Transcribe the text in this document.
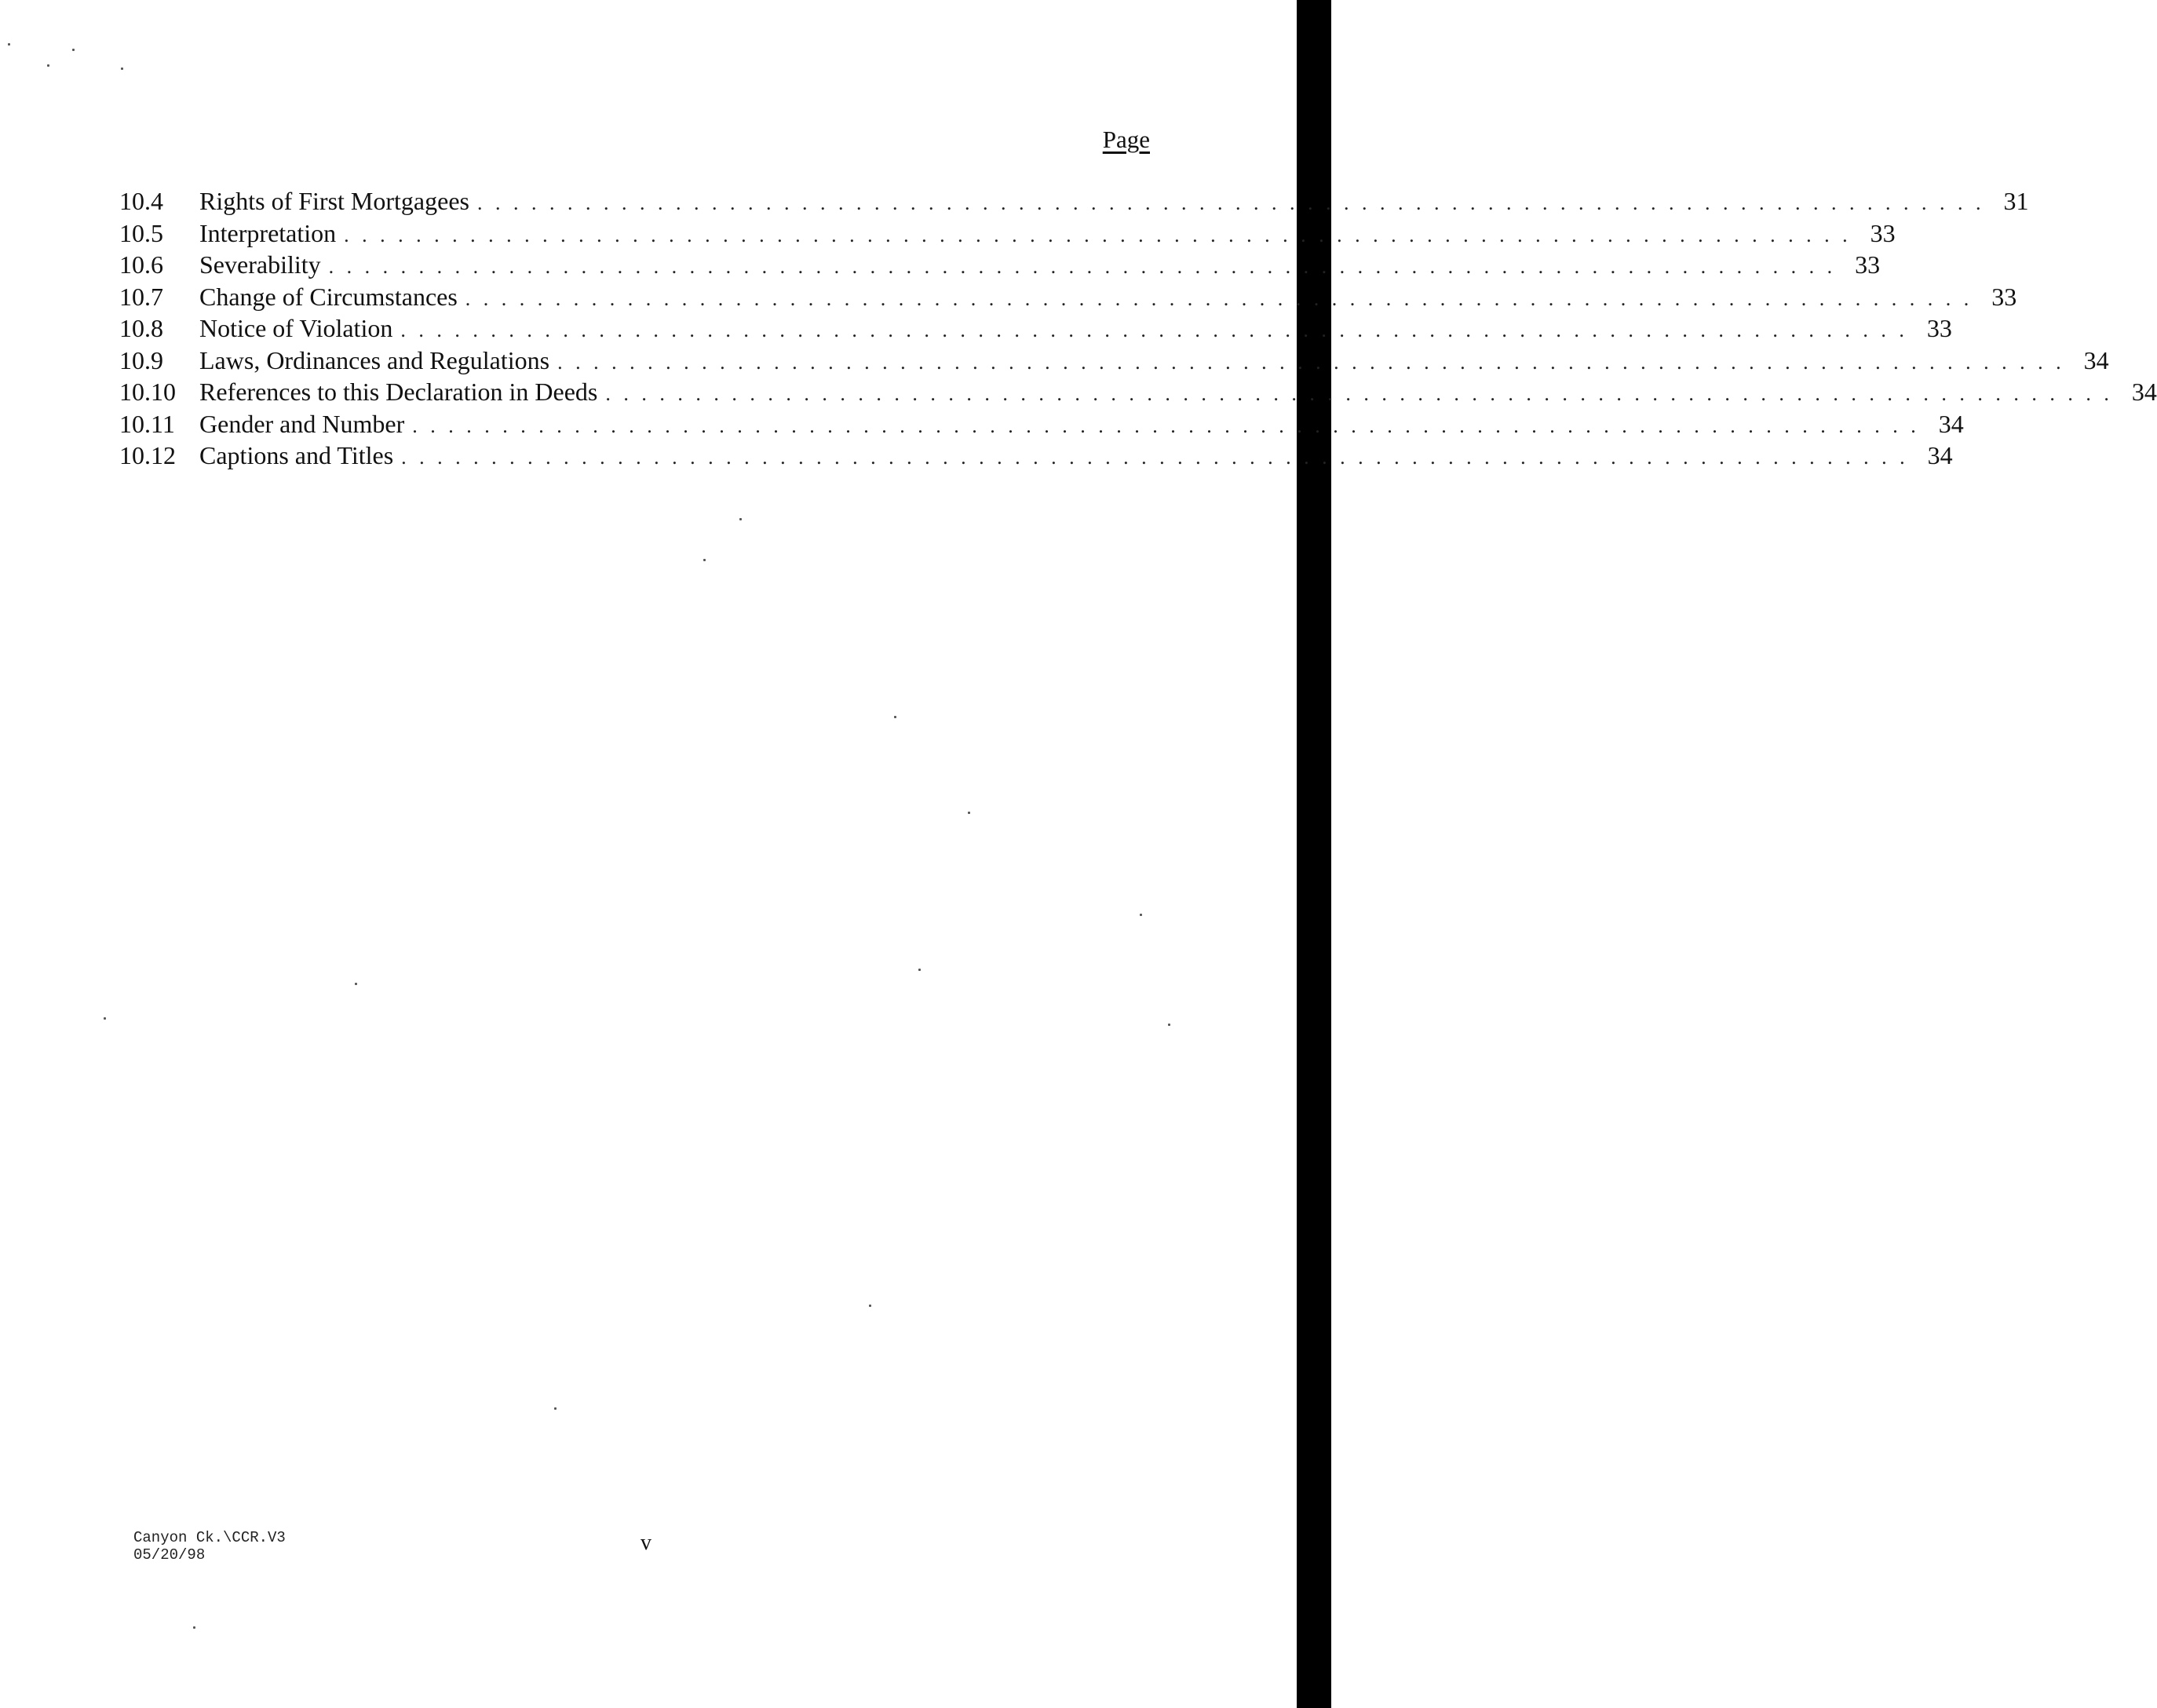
Page
10.4	Rights of First Mortgagees . . . . . . . . . . . . . . . . . . . . . . . . . . . . . . . . . . . . . . . . . . . . . . . . . . . . . . . . . . . . . . . . . . . . . . . . . . . . . . . . . . . . 31
10.5	Interpretation . . . . . . . . . . . . . . . . . . . . . . . . . . . . . . . . . . . . . . . . . . . . . . . . . . . . . . . . . . . . . . . . . . . . . . . . . . . . . . . . . . . . 33
10.6	Severability . . . . . . . . . . . . . . . . . . . . . . . . . . . . . . . . . . . . . . . . . . . . . . . . . . . . . . . . . . . . . . . . . . . . . . . . . . . . . . . . . . . . 33
10.7	Change of Circumstances . . . . . . . . . . . . . . . . . . . . . . . . . . . . . . . . . . . . . . . . . . . . . . . . . . . . . . . . . . . . . . . . . . . . . . . . . . . . . . . . . . . . 33
10.8	Notice of Violation . . . . . . . . . . . . . . . . . . . . . . . . . . . . . . . . . . . . . . . . . . . . . . . . . . . . . . . . . . . . . . . . . . . . . . . . . . . . . . . . . . . . 33
10.9	Laws, Ordinances and Regulations . . . . . . . . . . . . . . . . . . . . . . . . . . . . . . . . . . . . . . . . . . . . . . . . . . . . . . . . . . . . . . . . . . . . . . . . . . . . . . . . . . . . 34
10.10 References to this Declaration in Deeds . . . . . . . . . . . . . . . . . . . . . . . . . . . . . . . . . . . . . . . . . . . . . . . . . . . . . . . . . . . . . . . . . . . . . . . . . . . . . . . . . . . . 34
10.11 Gender and Number . . . . . . . . . . . . . . . . . . . . . . . . . . . . . . . . . . . . . . . . . . . . . . . . . . . . . . . . . . . . . . . . . . . . . . . . . . . . . . . . . . . . 34
10.12 Captions and Titles . . . . . . . . . . . . . . . . . . . . . . . . . . . . . . . . . . . . . . . . . . . . . . . . . . . . . . . . . . . . . . . . . . . . . . . . . . . . . . . . . . . . 34
Canyon Ck.\CCR.V3
05/20/98	v
